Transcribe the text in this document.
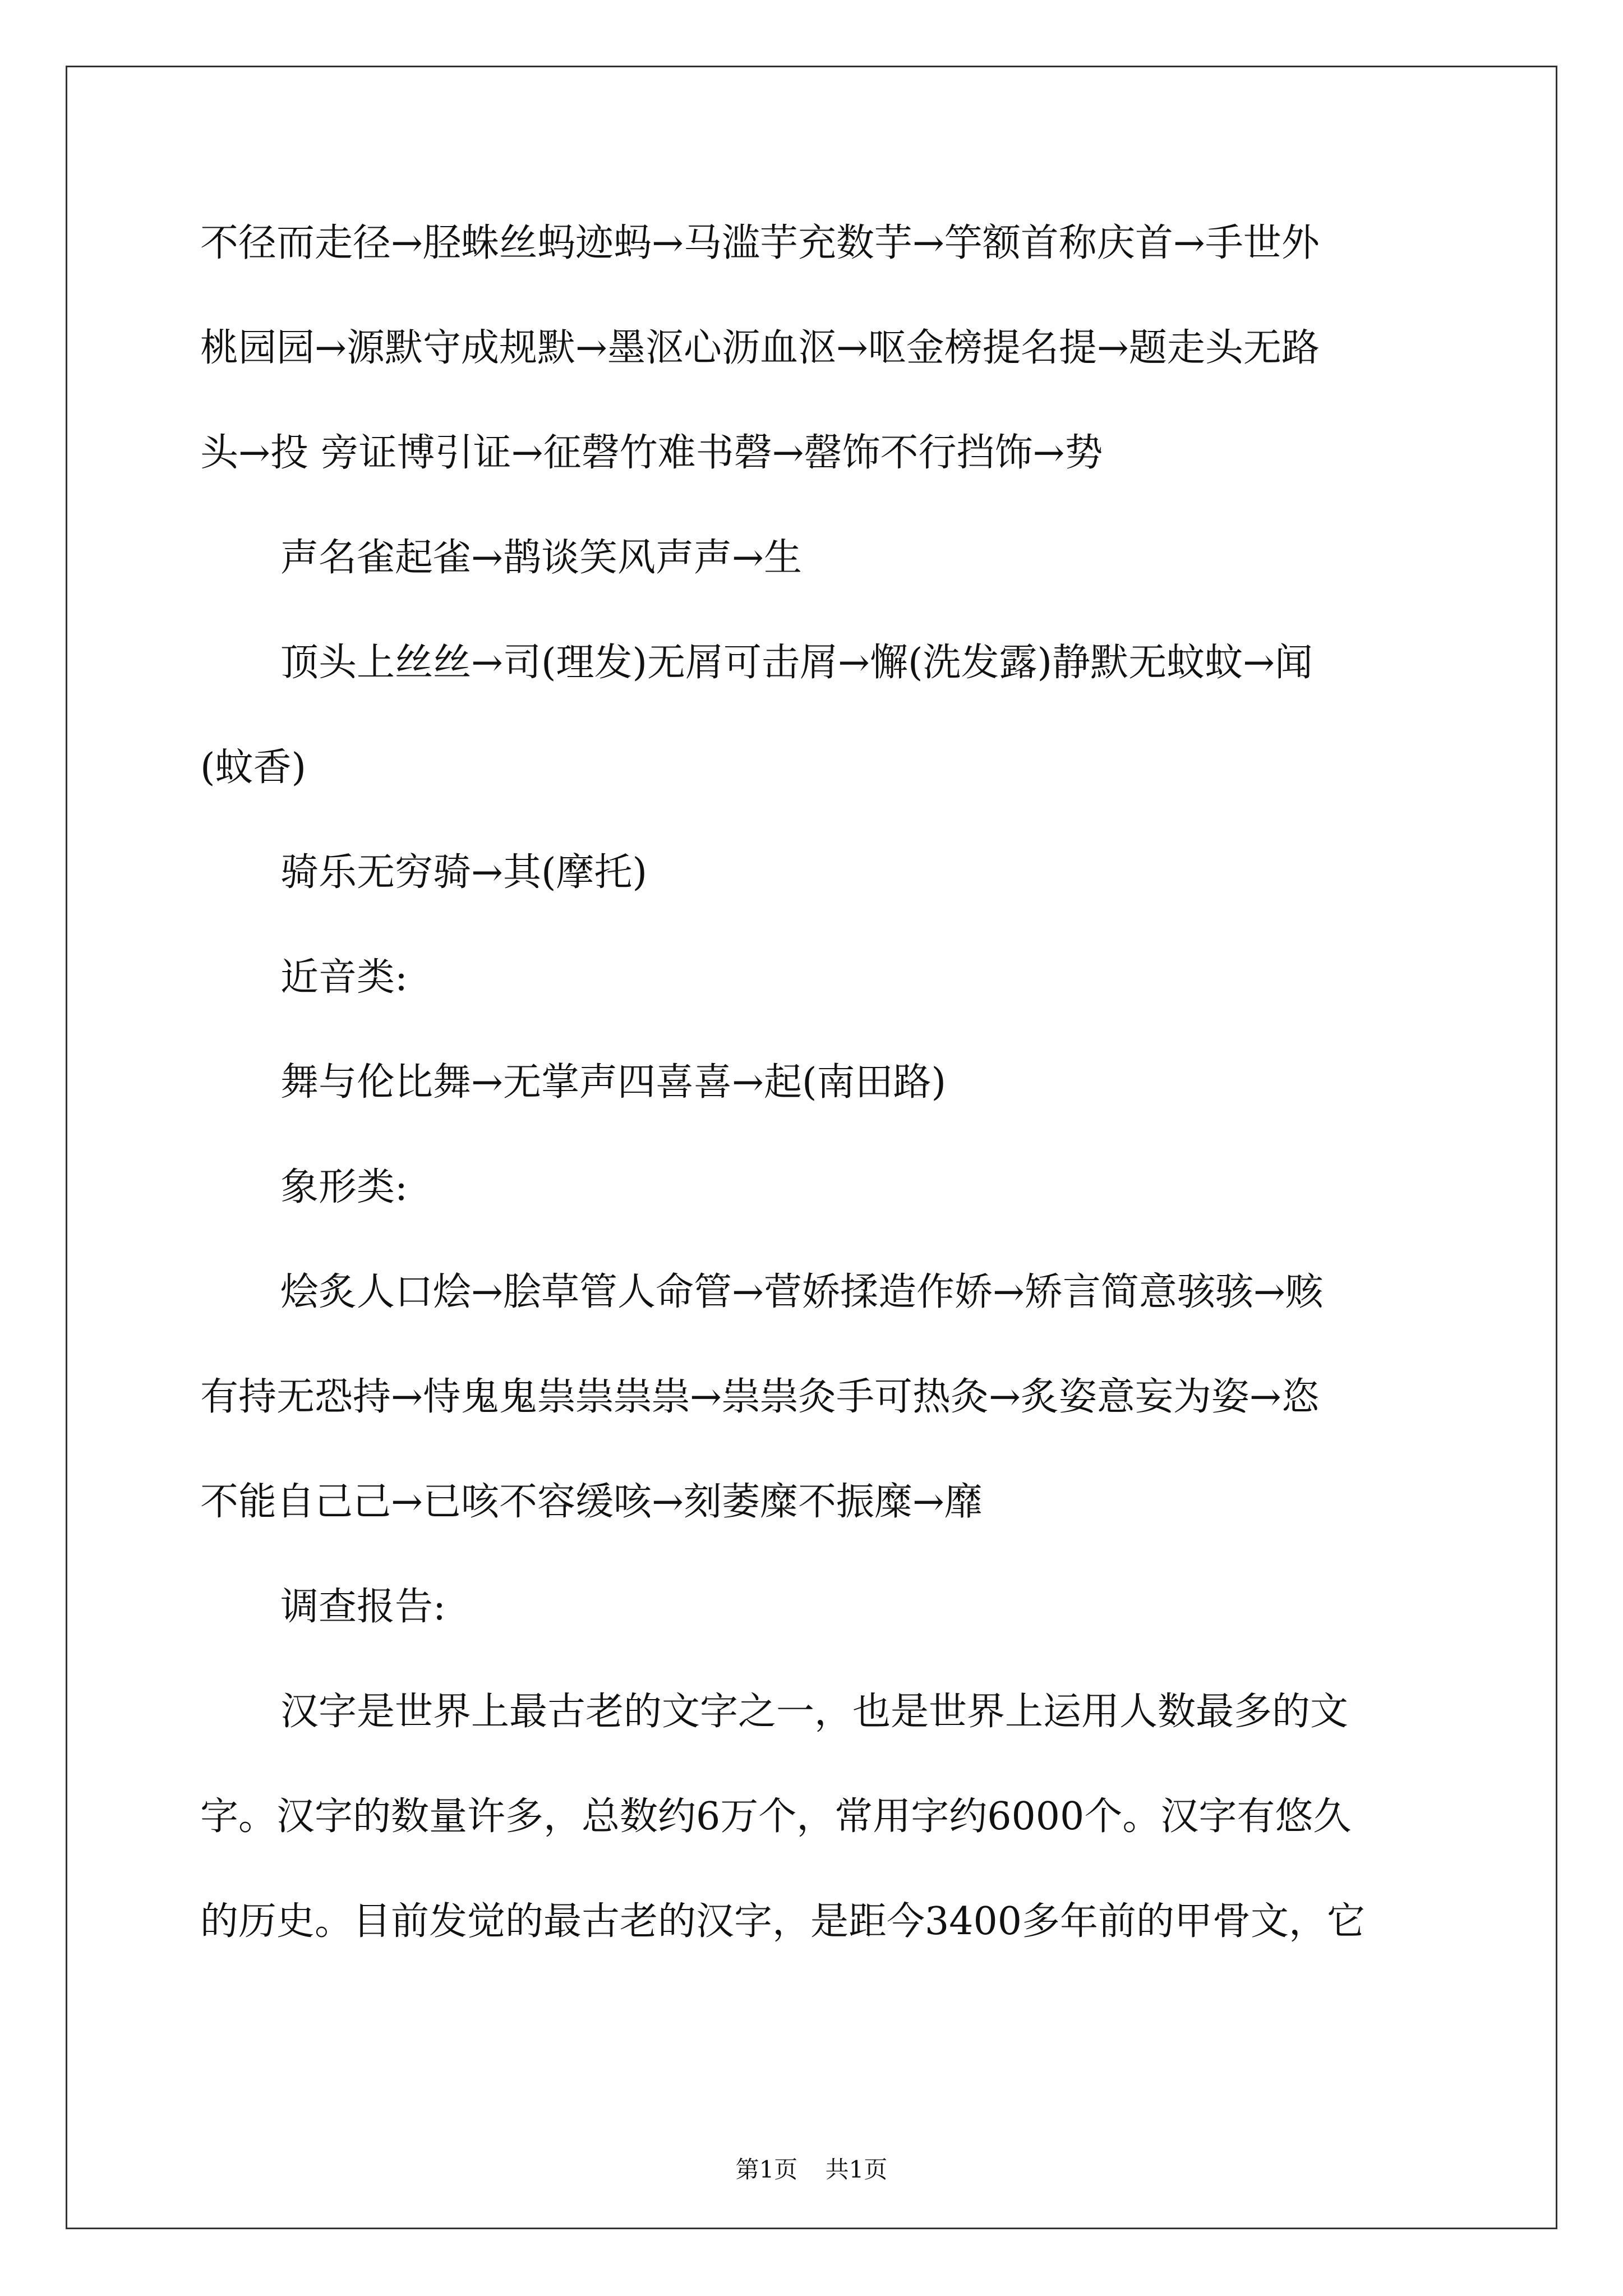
不径而走径→胫蛛丝蚂迹蚂→马滥芋充数芋→竽额首称庆首→手世外
桃园园→源默守成规默→墨沤心沥血沤→呕金榜提名提→题走头无路
头→投 旁证博引证→征磬竹难书磬→罄饰不行挡饰→势
声名雀起雀→鹊谈笑风声声→生
顶头上丝丝→司(理发)无屑可击屑→懈(洗发露)静默无蚊蚊→闻
(蚊香)
骑乐无穷骑→其(摩托)
近音类:
舞与伦比舞→无掌声四喜喜→起(南田路)
象形类:
烩炙人口烩→脍草管人命管→菅娇揉造作娇→矫言简意骇骇→赅
有持无恐持→恃鬼鬼祟祟祟祟→祟祟灸手可热灸→炙姿意妄为姿→恣
不能自己己→已咳不容缓咳→刻萎糜不振糜→靡
调查报告:
汉字是世界上最古老的文字之一，也是世界上运用人数最多的文
字。汉字的数量许多，总数约6万个，常用字约6000个。汉字有悠久
的历史。目前发觉的最古老的汉字，是距今3400多年前的甲骨文，它
第1页 共1页
